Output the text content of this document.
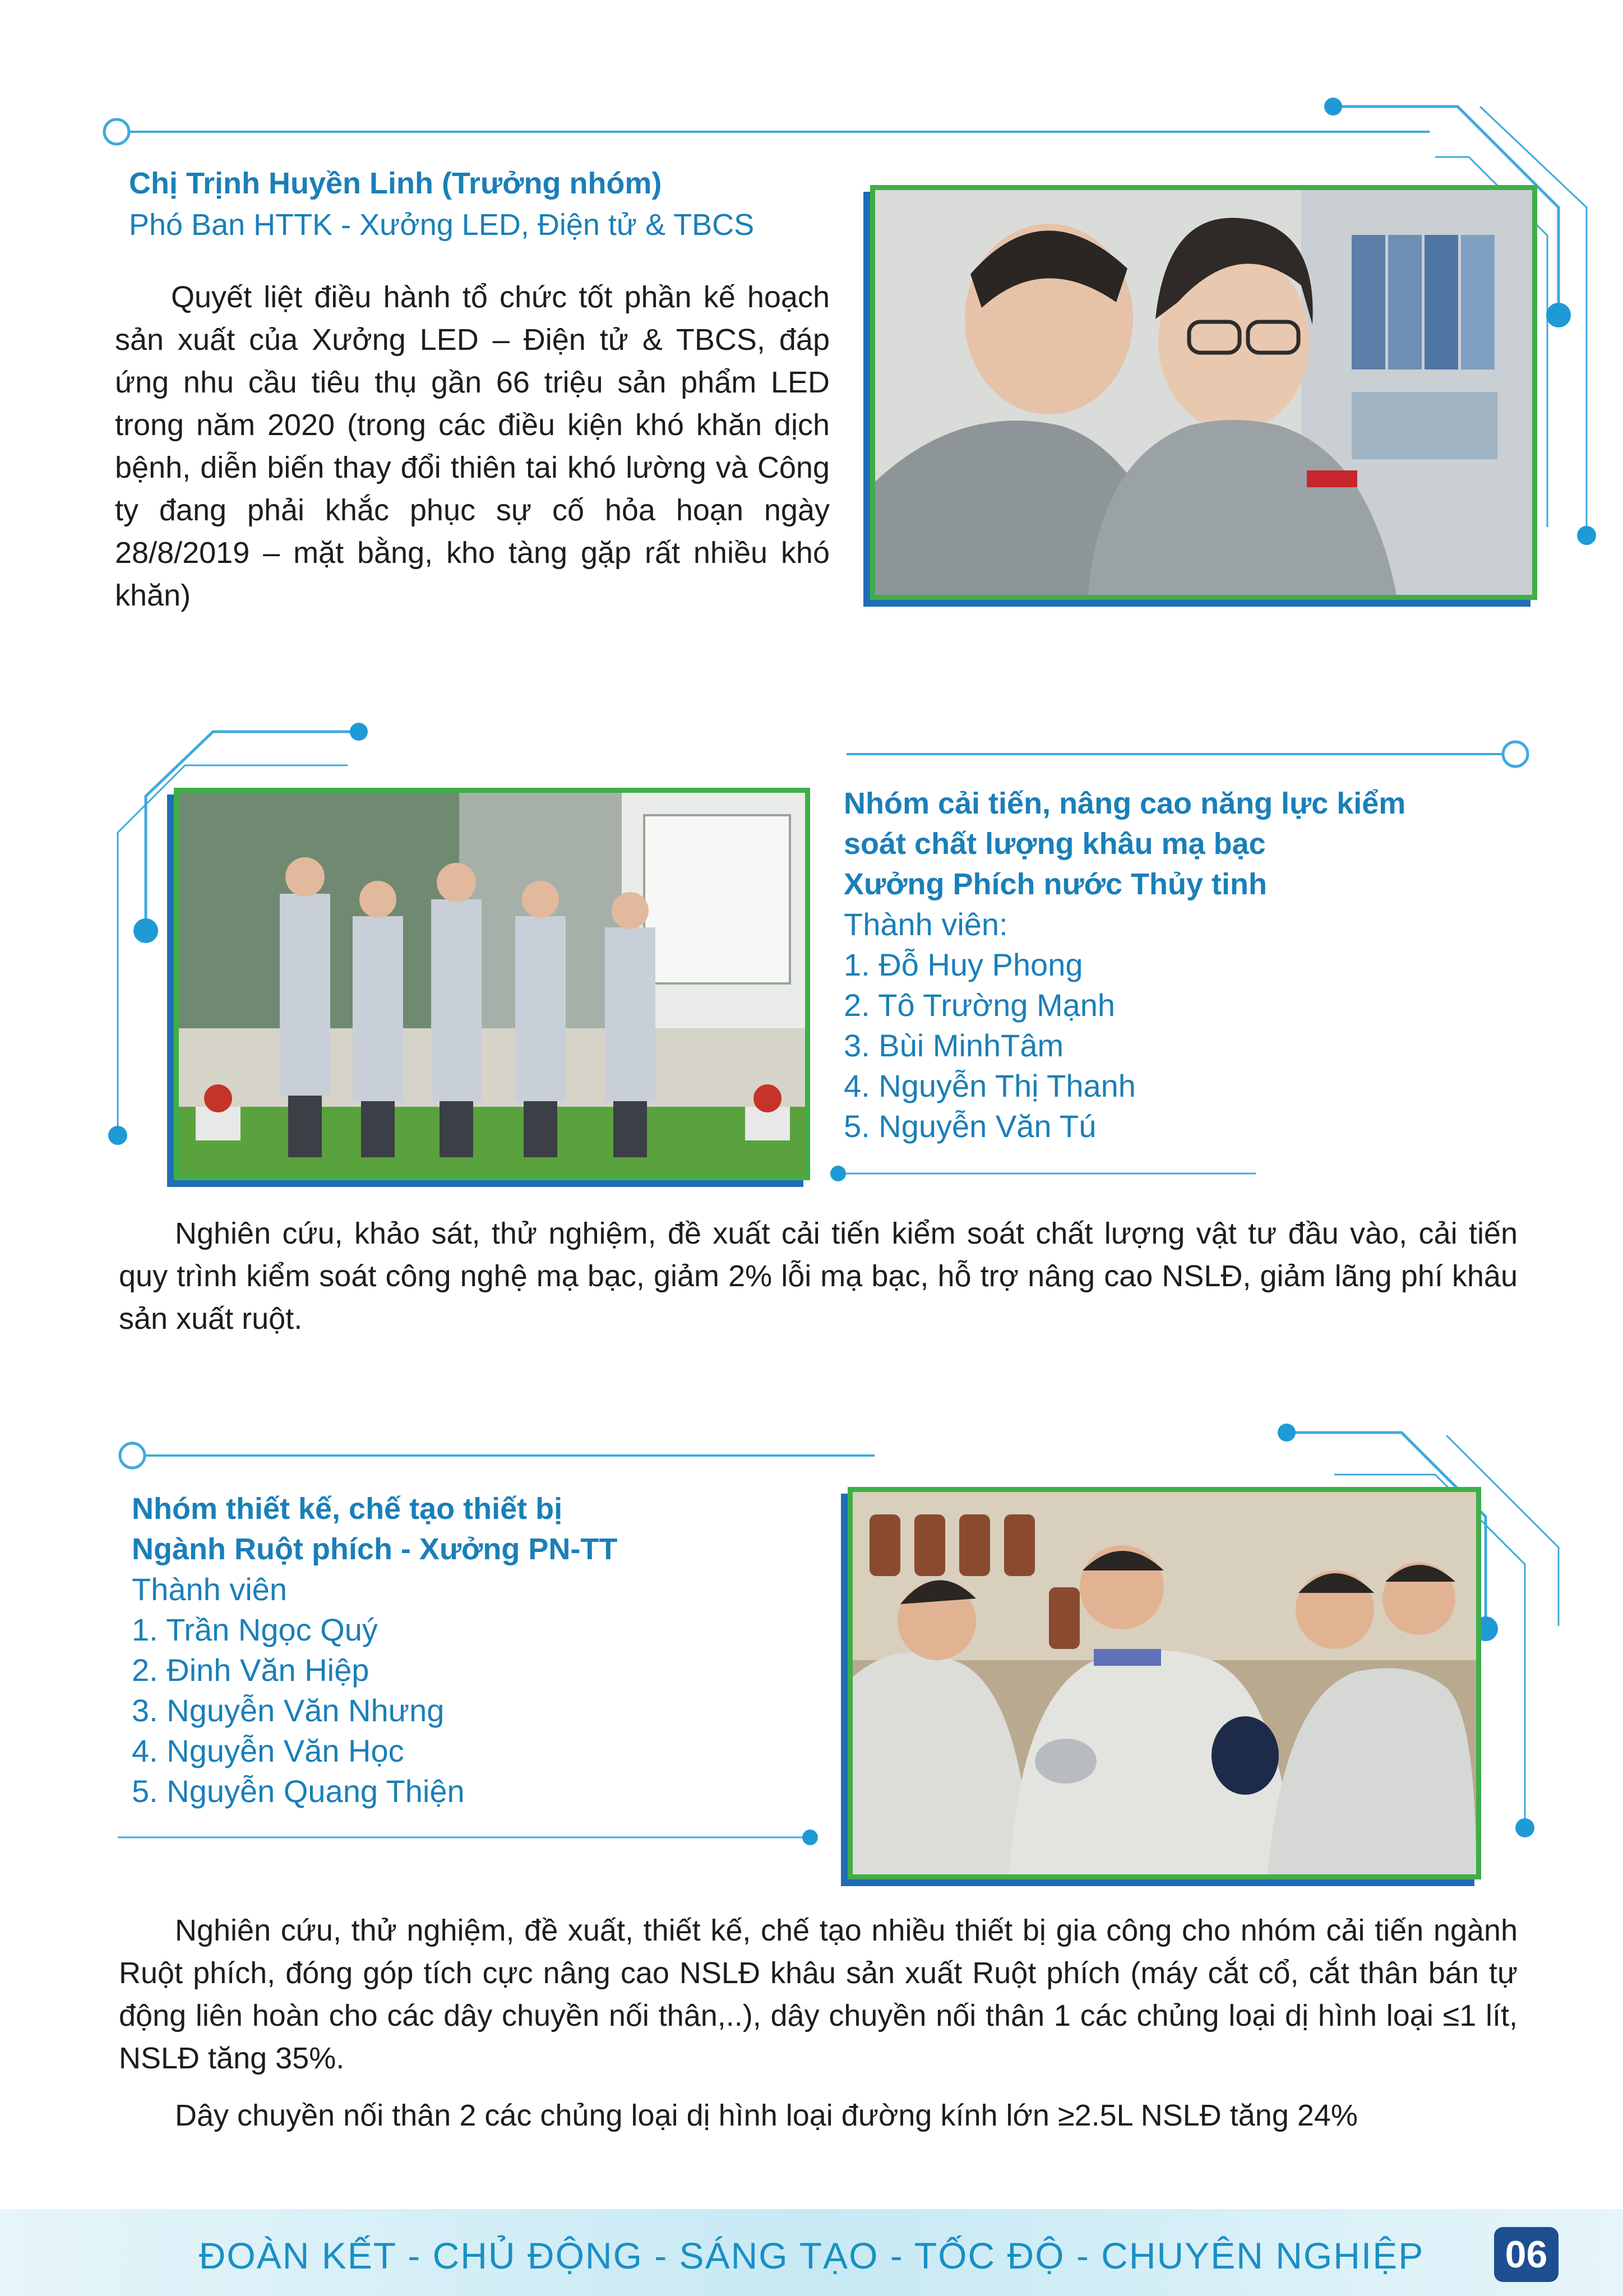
Chị Trịnh Huyền Linh (Trưởng nhóm)

Phó Ban HTTK - Xưởng LED, Điện tử & TBCS

Quyết liệt điều hành tổ chức tốt phần kế hoạch sản xuất của Xưởng LED – Điện tử & TBCS, đáp ứng nhu cầu tiêu thụ gần 66 triệu sản phẩm LED trong năm 2020 (trong các điều kiện khó khăn dịch bệnh, diễn biến thay đổi thiên tai khó lường và Công ty đang phải khắc phục sự cố hỏa hoạn ngày 28/8/2019 – mặt bằng, kho tàng gặp rất nhiều khó khăn)

Nhóm cải tiến, nâng cao năng lực kiểm

soát chất lượng khâu mạ bạc

Xưởng Phích nước Thủy tinh

Thành viên:

1. Đỗ Huy Phong

2. Tô Trường Mạnh

3. Bùi MinhTâm

4. Nguyễn Thị Thanh

5. Nguyễn Văn Tú

Nghiên cứu, khảo sát, thử nghiệm, đề xuất cải tiến kiểm soát chất lượng vật tư đầu vào, cải tiến quy trình kiểm soát công nghệ mạ bạc, giảm 2% lỗi mạ bạc, hỗ trợ nâng cao NSLĐ, giảm lãng phí khâu sản xuất ruột.

Nhóm thiết kế, chế tạo thiết bị

Ngành Ruột phích - Xưởng PN-TT

Thành viên

1. Trần Ngọc Quý

2. Đinh Văn Hiệp

3. Nguyễn Văn Nhưng

4. Nguyễn Văn Học

5. Nguyễn Quang Thiện

Nghiên cứu, thử nghiệm, đề xuất, thiết kế, chế tạo nhiều thiết bị gia công cho nhóm cải tiến ngành Ruột phích, đóng góp tích cực nâng cao NSLĐ khâu sản xuất Ruột phích (máy cắt cổ, cắt thân bán tự động liên hoàn cho các dây chuyền nối thân,..), dây chuyền nối thân 1 các chủng loại dị hình loại ≤1 lít, NSLĐ tăng 35%.

Dây chuyền nối thân 2 các chủng loại dị hình loại đường kính lớn ≥2.5L NSLĐ tăng 24%

ĐOÀN KẾT - CHỦ ĐỘNG - SÁNG TẠO - TỐC ĐỘ - CHUYÊN NGHIỆP	06
